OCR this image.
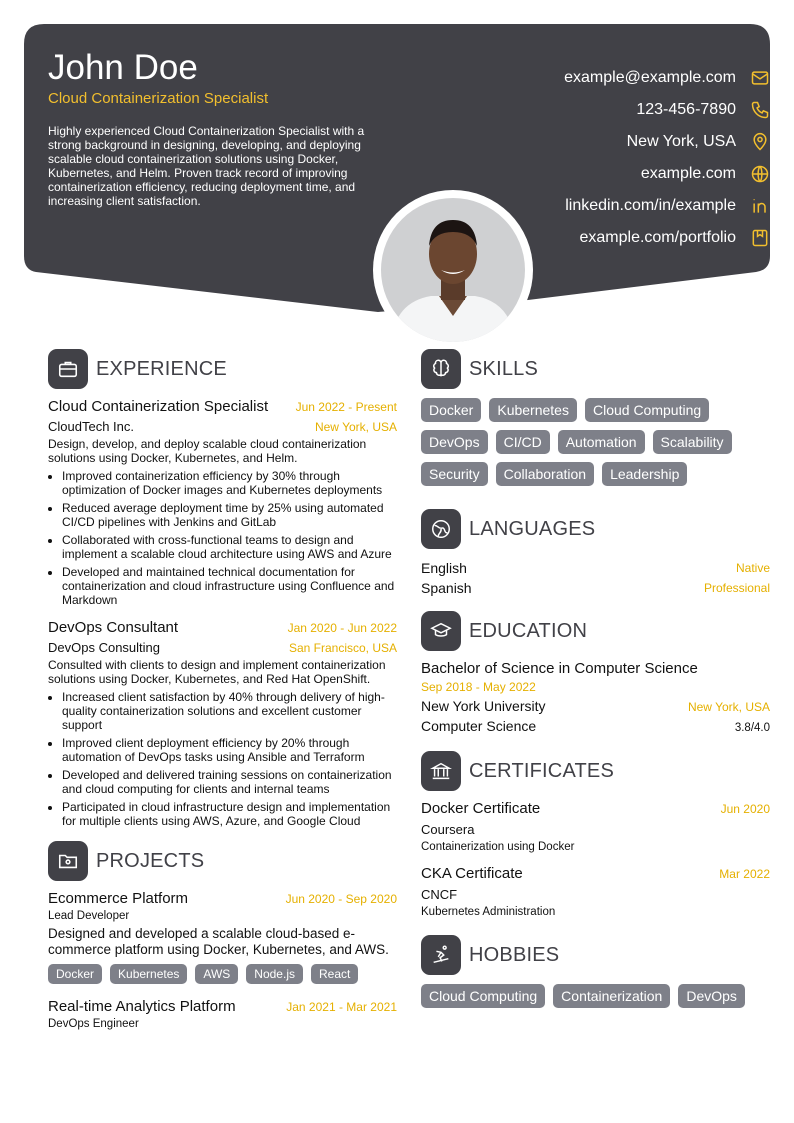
John Doe
Cloud Containerization Specialist
Highly experienced Cloud Containerization Specialist with a strong background in designing, developing, and deploying scalable cloud containerization solutions using Docker, Kubernetes, and Helm. Proven track record of improving containerization efficiency, reducing deployment time, and increasing client satisfaction.
example@example.com
123-456-7890
New York, USA
example.com
linkedin.com/in/example
example.com/portfolio
EXPERIENCE
Cloud Containerization Specialist Jun 2022 - Present
CloudTech Inc.	New York, USA
Design, develop, and deploy scalable cloud containerization solutions using Docker, Kubernetes, and Helm.
• Improved containerization efficiency by 30% through optimization of Docker images and Kubernetes deployments
• Reduced average deployment time by 25% using automated CI/CD pipelines with Jenkins and GitLab
• Collaborated with cross-functional teams to design and implement a scalable cloud architecture using AWS and Azure
• Developed and maintained technical documentation for containerization and cloud infrastructure using Confluence and Markdown
DevOps Consultant	Jan 2020 - Jun 2022
DevOps Consulting	San Francisco, USA
Consulted with clients to design and implement containerization solutions using Docker, Kubernetes, and Red Hat OpenShift.
• Increased client satisfaction by 40% through delivery of high-quality containerization solutions and excellent customer support
• Improved client deployment efficiency by 20% through automation of DevOps tasks using Ansible and Terraform
• Developed and delivered training sessions on containerization and cloud computing for clients and internal teams
• Participated in cloud infrastructure design and implementation for multiple clients using AWS, Azure, and Google Cloud
PROJECTS
Ecommerce Platform	Jun 2020 - Sep 2020
Lead Developer
Designed and developed a scalable cloud-based e-commerce platform using Docker, Kubernetes, and AWS.
Docker	Kubernetes	AWS	Node.js	React
Real-time Analytics Platform	Jan 2021 - Mar 2021
DevOps Engineer
SKILLS
Docker	Kubernetes	Cloud Computing
DevOps	CI/CD	Automation	Scalability
Security	Collaboration	Leadership
LANGUAGES
English	Native
Spanish	Professional
EDUCATION
Bachelor of Science in Computer Science
Sep 2018 - May 2022
New York University	New York, USA
Computer Science	3.8/4.0
CERTIFICATES
Docker Certificate	Jun 2020
Coursera
Containerization using Docker
CKA Certificate	Mar 2022
CNCF
Kubernetes Administration
HOBBIES
Cloud Computing	Containerization	DevOps
